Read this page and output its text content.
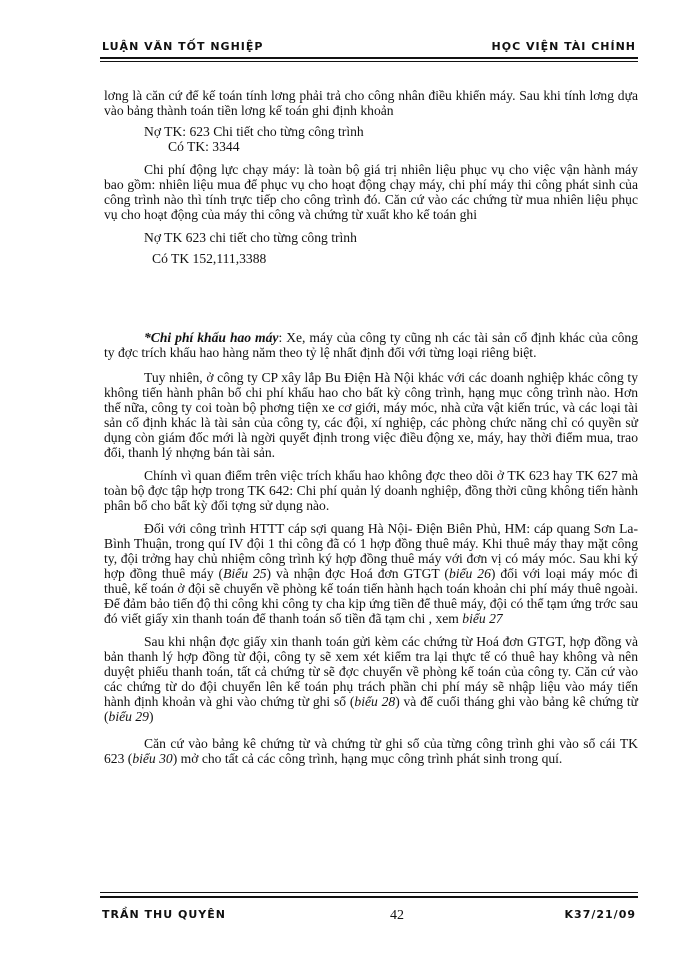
LUẬN VĂN TỐT NGHIỆP	HỌC VIỆN TÀI CHÍNH

lơng là căn cứ để kế toán tính lơng phải trả cho công nhân điều khiển máy. Sau khi tính lơng dựa vào bảng thành toán tiền lơng kế toán ghi định khoản

Nợ TK: 623 Chi tiết cho từng công trình

Có TK: 3344

Chi phí động lực chạy máy: là toàn bộ giá trị nhiên liệu phục vụ cho việc vận hành máy bao gồm: nhiên liệu mua để phục vụ cho hoạt động chạy máy, chi phí máy thi công phát sinh của công trình nào thì tính trực tiếp cho công trình đó. Căn cứ vào các chứng từ mua nhiên liệu phục vụ cho hoạt động của máy thi công và chứng từ xuất kho kế toán ghi

Nợ TK 623 chi tiết cho từng công trình

Có TK 152,111,3388

*Chi phí khấu hao máy: Xe, máy của công ty cũng nh các tài sản cố định khác của công ty đợc trích khấu hao hàng năm theo tỷ lệ nhất định đối với từng loại riêng biệt.

Tuy nhiên, ở công ty CP xây lắp Bu Điện Hà Nội khác với các doanh nghiệp khác công ty không tiến hành phân bổ chi phí khấu hao cho bất kỳ công trình, hạng mục công trình nào. Hơn thế nữa, công ty coi toàn bộ phơng tiện xe cơ giới, máy móc, nhà cửa vật kiến trúc, và các loại tài sản cố định khác là tài sản của công ty, các đội, xí nghiệp, các phòng chức năng chỉ có quyền sử dụng còn giám đốc mới là ngời quyết định trong việc điều động xe, máy, hay thời điểm mua, trao đổi, thanh lý nhợng bán tài sản.

Chính vì quan điểm trên việc trích khấu hao không đợc theo dõi ở TK 623 hay TK 627 mà toàn bộ đợc tập hợp trong TK 642: Chi phí quản lý doanh nghiệp, đồng thời cũng không tiến hành phân bổ cho bất kỳ đối tợng sử dụng nào.

Đối với công trình HTTT cáp sợi quang Hà Nội- Điện Biên Phủ, HM: cáp quang Sơn La- Bình Thuận, trong quí IV đội 1 thi công đã có 1 hợp đồng thuê máy. Khi thuê máy thay mặt công ty, đội trởng hay chủ nhiệm công trình ký hợp đồng thuê máy với đơn vị có máy móc. Sau khi ký hợp đồng thuê máy (Biểu 25) và nhận đợc Hoá đơn GTGT (biểu 26) đối với loại máy móc đi thuê, kế toán ở đội sẽ chuyển về phòng kế toán tiến hành hạch toán khoản chi phí máy thuê ngoài. Để đảm bảo tiến độ thi công khi công ty cha kịp ứng tiền để thuê máy, đội có thể tạm ứng trớc sau đó viết giấy xin thanh toán để thanh toán số tiền đã tạm chi , xem biểu 27

Sau khi nhận đợc giấy xin thanh toán gửi kèm các chứng từ Hoá đơn GTGT, hợp đồng và bản thanh lý hợp đồng từ đội, công ty sẽ xem xét kiểm tra lại thực tế có thuê hay không và nên duyệt phiếu thanh toán, tất cả chứng từ sẽ đợc chuyển về phòng kế toán của công ty. Căn cứ vào các chứng từ do đội chuyển lên kế toán phụ trách phần chi phí máy sẽ nhập liệu vào máy tiến hành định khoản và ghi vào chứng từ ghi sổ (biểu 28) và để cuối tháng ghi vào bảng kê chứng từ (biểu 29)

Căn cứ vào bảng kê chứng từ và chứng từ ghi sổ của từng công trình ghi vào sổ cái TK 623 (biểu 30) mở cho tất cả các công trình, hạng mục công trình phát sinh trong quí.

TRẦN THU QUYÊN	42	K37/21/09
